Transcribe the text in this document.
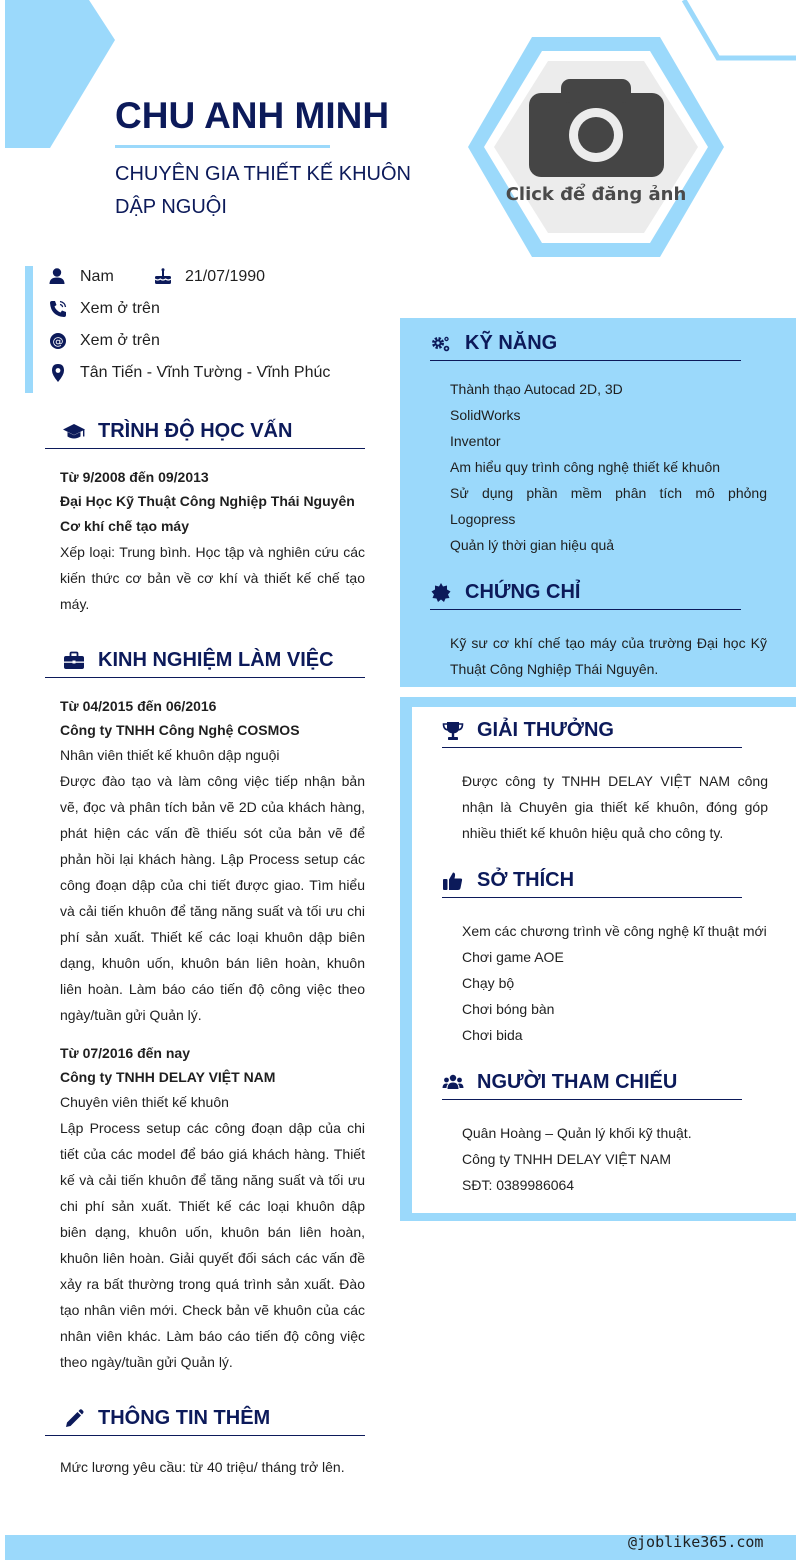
CHU ANH MINH
CHUYÊN GIA THIẾT KẾ KHUÔN DẬP NGUỘI
Click để đăng ảnh
Nam	21/07/1990
Xem ở trên
@ Xem ở trên
Tân Tiến - Vĩnh Tường - Vĩnh Phúc
TRÌNH ĐỘ HỌC VẤN
Từ 9/2008 đến 09/2013
Đại Học Kỹ Thuật Công Nghiệp Thái Nguyên
Cơ khí chế tạo máy
Xếp loại: Trung bình. Học tập và nghiên cứu các kiến thức cơ bản về cơ khí và thiết kế chế tạo máy.
KINH NGHIỆM LÀM VIỆC
Từ 04/2015 đến 06/2016
Công ty TNHH Công Nghệ COSMOS
Nhân viên thiết kế khuôn dập nguội
Được đào tạo và làm công việc tiếp nhận bản vẽ, đọc và phân tích bản vẽ 2D của khách hàng, phát hiện các vấn đề thiếu sót của bản vẽ để phản hồi lại khách hàng. Lập Process setup các công đoạn dập của chi tiết được giao. Tìm hiểu và cải tiến khuôn để tăng năng suất và tối ưu chi phí sản xuất. Thiết kế các loại khuôn dập biên dạng, khuôn uốn, khuôn bán liên hoàn, khuôn liên hoàn. Làm báo cáo tiến độ công việc theo ngày/tuần gửi Quản lý.
Từ 07/2016 đến nay
Công ty TNHH DELAY VIỆT NAM
Chuyên viên thiết kế khuôn
Lập Process setup các công đoạn dập của chi tiết của các model để báo giá khách hàng. Thiết kế và cải tiến khuôn để tăng năng suất và tối ưu chi phí sản xuất. Thiết kế các loại khuôn dập biên dạng, khuôn uốn, khuôn bán liên hoàn, khuôn liên hoàn. Giải quyết đối sách các vấn đề xảy ra bất thường trong quá trình sản xuất. Đào tạo nhân viên mới. Check bản vẽ khuôn của các nhân viên khác. Làm báo cáo tiến độ công việc theo ngày/tuần gửi Quản lý.
THÔNG TIN THÊM
Mức lương yêu cầu: từ 40 triệu/ tháng trở lên.
KỸ NĂNG
Thành thạo Autocad 2D, 3D
SolidWorks
Inventor
Am hiểu quy trình công nghệ thiết kế khuôn
Sử dụng phần mềm phân tích mô phỏng Logopress
Quản lý thời gian hiệu quả
CHỨNG CHỈ
Kỹ sư cơ khí chế tạo máy của trường Đại học Kỹ Thuật Công Nghiệp Thái Nguyên.
GIẢI THƯỞNG
Được công ty TNHH DELAY VIỆT NAM công nhận là Chuyên gia thiết kế khuôn, đóng góp nhiều thiết kế khuôn hiệu quả cho công ty.
SỞ THÍCH
Xem các chương trình về công nghệ kĩ thuật mới
Chơi game AOE
Chạy bộ
Chơi bóng bàn
Chơi bida
NGƯỜI THAM CHIẾU
Quân Hoàng – Quản lý khối kỹ thuật.
Công ty TNHH DELAY VIỆT NAM
SĐT: 0389986064
@joblike365.com
